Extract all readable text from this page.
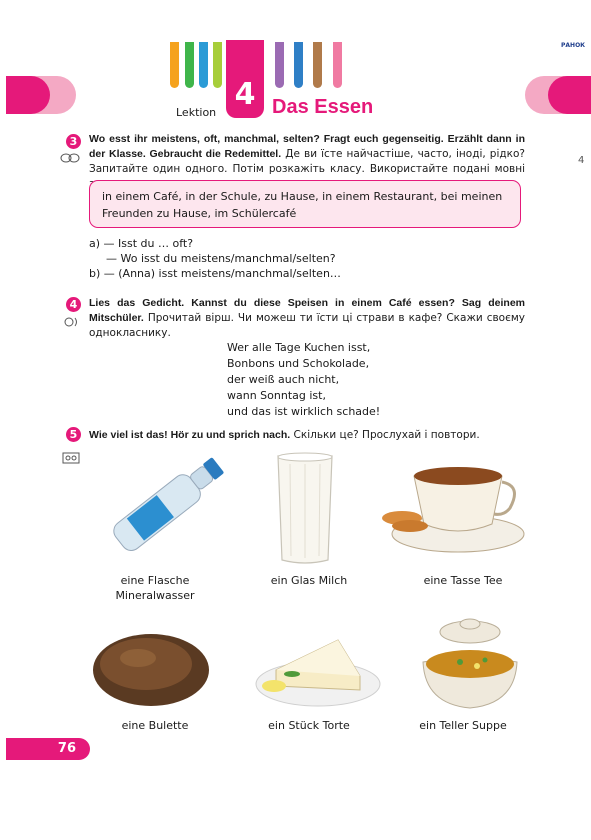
4
Lektion	Das Essen
РАНОК
3	Wo esst ihr meistens, oft, manchmal, selten? Fragt euch gegenseitig. Erzählt dann in der Klasse. Gebraucht die Redemittel. Де ви їсте найчастіше, часто, іноді, рідко? Запитайте один одного. Потім розкажіть класу. Використайте подані мовні
in einem Café, in der Schule, zu Hause, in einem Restaurant, bei meinen Freunden zu Hause, im Schülercafé
a) — Isst du … oft?
— Wo isst du meistens/manchmal/selten?
b) — (Anna) isst meistens/manchmal/selten…
4	Lies das Gedicht. Kannst du diese Speisen in einem Café essen? Sag deinem Mitschüler. Прочитай вірш. Чи можеш ти їсти ці страви в кафе? Скажи своєму однокласнику.
Wer alle Tage Kuchen isst,
Bonbons und Schokolade,
der weiß auch nicht,
wann Sonntag ist,
und das ist wirklich schade!
5	Wie viel ist das! Hör zu und sprich nach. Скільки це? Прослухай і повтори.
eine Flasche
Mineralwasser
ein Glas Milch	eine Tasse Tee
eine Bulette	ein Stück Torte	ein Teller Suppe
76
4
